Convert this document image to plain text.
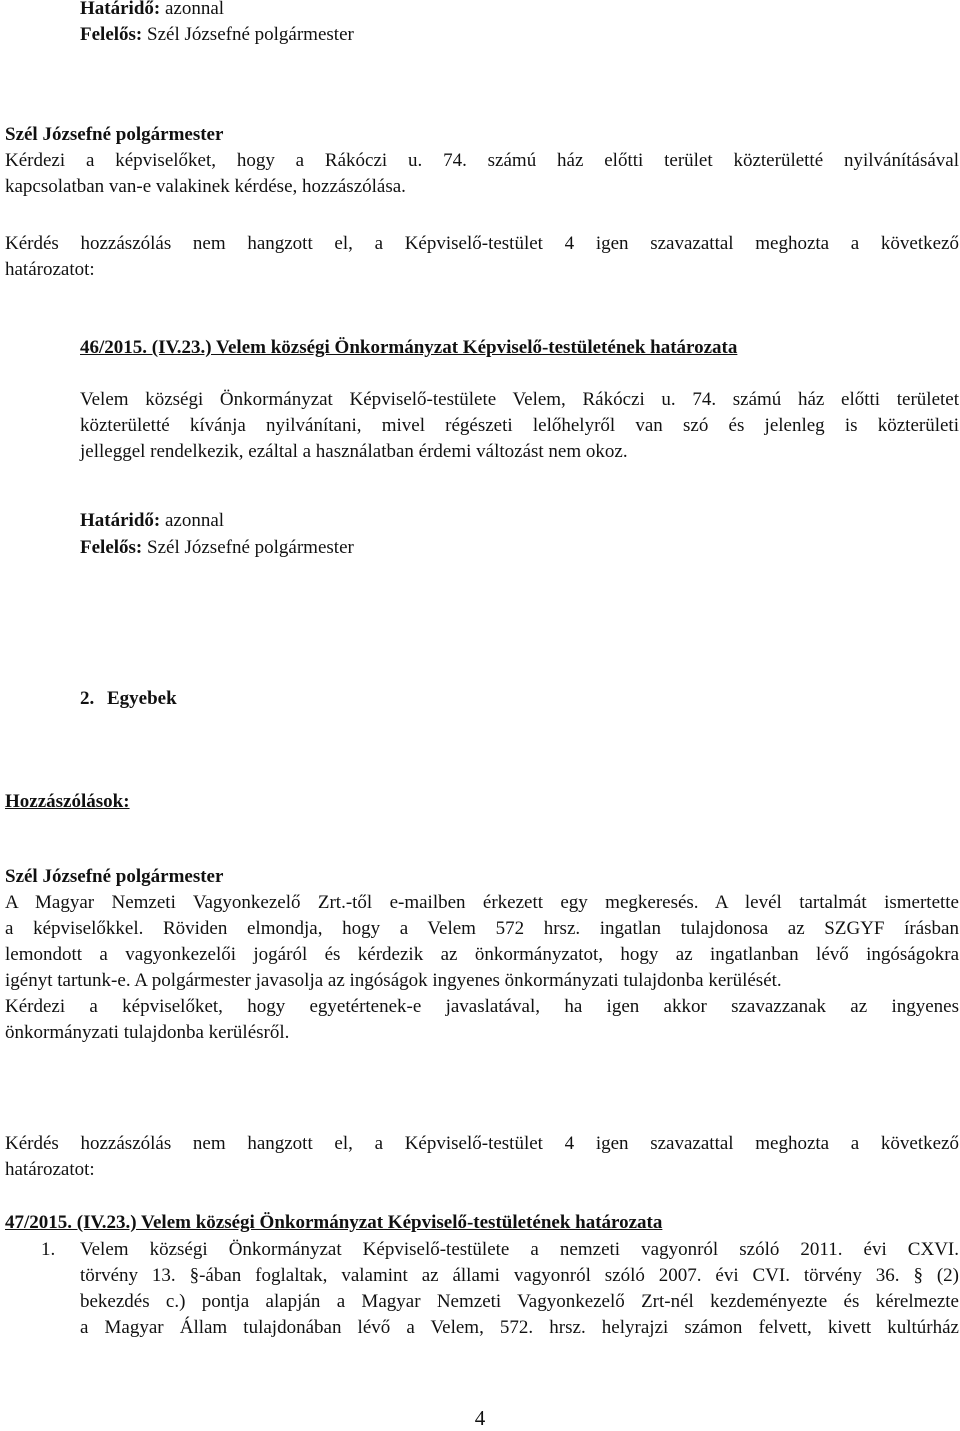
Határidő: azonnal
Felelős: Szél Józsefné polgármester
Szél Józsefné polgármester
Kérdezi a képviselőket, hogy a Rákóczi u. 74. számú ház előtti terület közterületté nyilvánításával
kapcsolatban van-e valakinek kérdése, hozzászólása.
Kérdés hozzászólás nem hangzott el, a Képviselő-testület 4 igen szavazattal meghozta a következő
határozatot:
46/2015. (IV.23.) Velem községi Önkormányzat Képviselő-testületének határozata
Velem községi Önkormányzat Képviselő-testülete Velem, Rákóczi u. 74. számú ház előtti területet
közterületté kívánja nyilvánítani, mivel régészeti lelőhelyről van szó és jelenleg is közterületi
jelleggel rendelkezik, ezáltal a használatban érdemi változást nem okoz.
Határidő: azonnal
Felelős: Szél Józsefné polgármester
2. Egyebek
Hozzászólások:
Szél Józsefné polgármester
A Magyar Nemzeti Vagyonkezelő Zrt.-től e-mailben érkezett egy megkeresés. A levél tartalmát ismertette
a képviselőkkel. Röviden elmondja, hogy a Velem 572 hrsz. ingatlan tulajdonosa az SZGYF írásban
lemondott a vagyonkezelői jogáról és kérdezik az önkormányzatot, hogy az ingatlanban lévő ingóságokra
igényt tartunk-e. A polgármester javasolja az ingóságok ingyenes önkormányzati tulajdonba kerülését.
Kérdezi a képviselőket, hogy egyetértenek-e javaslatával, ha igen akkor szavazzanak az ingyenes
önkormányzati tulajdonba kerülésről.
Kérdés hozzászólás nem hangzott el, a Képviselő-testület 4 igen szavazattal meghozta a következő
határozatot:
47/2015. (IV.23.) Velem községi Önkormányzat Képviselő-testületének határozata
1. Velem községi Önkormányzat Képviselő-testülete a nemzeti vagyonról szóló 2011. évi CXVI.
törvény 13. §-ában foglaltak, valamint az állami vagyonról szóló 2007. évi CVI. törvény 36. § (2)
bekezdés c.) pontja alapján a Magyar Nemzeti Vagyonkezelő Zrt-nél kezdeményezte és kérelmezte
a Magyar Állam tulajdonában lévő a Velem, 572. hrsz. helyrajzi számon felvett, kivett kultúrház
4
